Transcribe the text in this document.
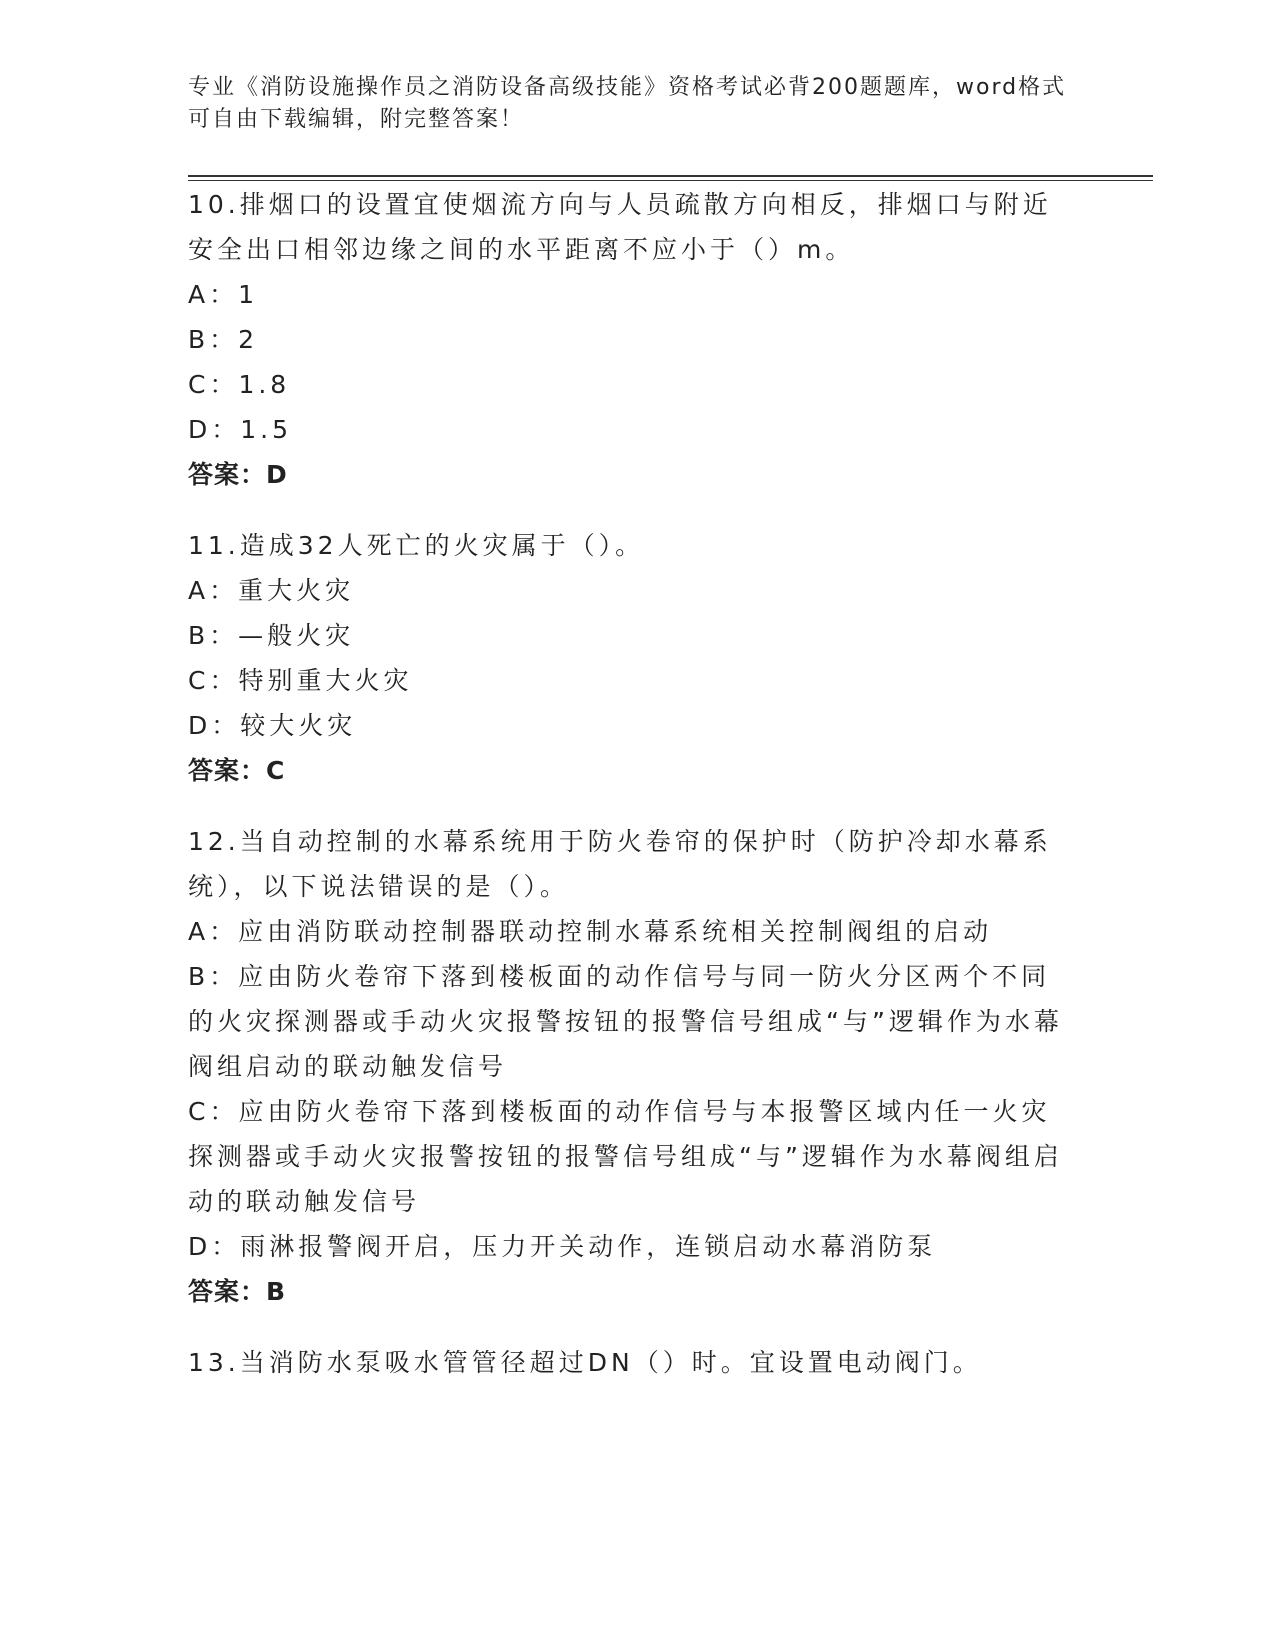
专业《消防设施操作员之消防设备高级技能》资格考试必背200题题库，word格式可自由下载编辑，附完整答案！

10.排烟口的设置宜使烟流方向与人员疏散方向相反，排烟口与附近安全出口相邻边缘之间的水平距离不应小于（）m。

A：1

B：2

C：1.8

D：1.5

答案：D

11.造成32人死亡的火灾属于（）。

A：重大火灾

B：—般火灾

C：特别重大火灾

D：较大火灾

答案：C

12.当自动控制的水幕系统用于防火卷帘的保护时（防护冷却水幕系统），以下说法错误的是（）。

A：应由消防联动控制器联动控制水幕系统相关控制阀组的启动

B：应由防火卷帘下落到楼板面的动作信号与同一防火分区两个不同的火灾探测器或手动火灾报警按钮的报警信号组成“与”逻辑作为水幕阀组启动的联动触发信号

C：应由防火卷帘下落到楼板面的动作信号与本报警区域内任一火灾探测器或手动火灾报警按钮的报警信号组成“与”逻辑作为水幕阀组启动的联动触发信号

D：雨淋报警阀开启，压力开关动作，连锁启动水幕消防泵

答案：B

13.当消防水泵吸水管管径超过DN（）时。宜设置电动阀门。
